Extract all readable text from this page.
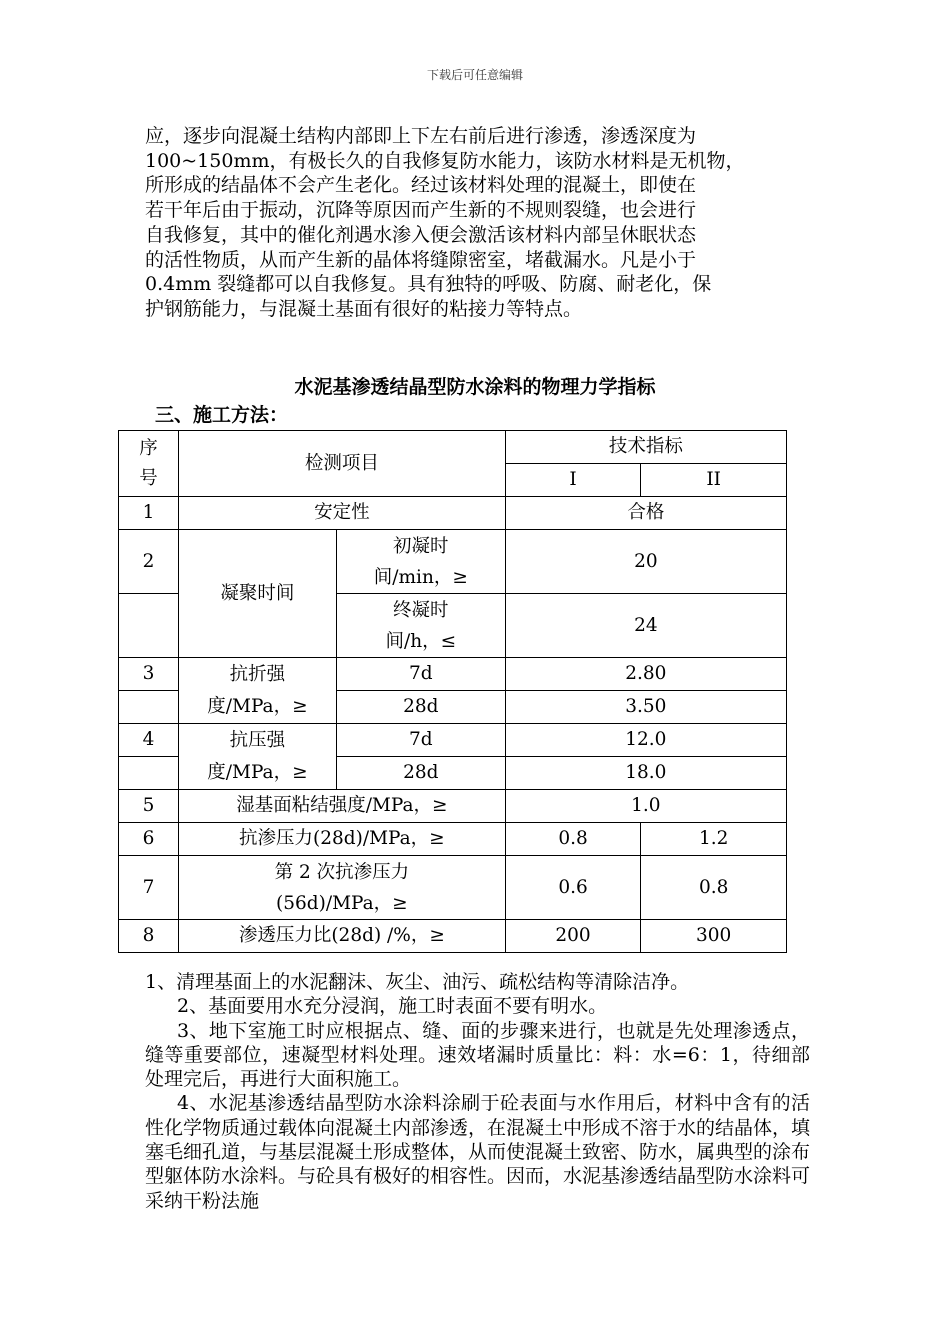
下载后可任意编辑
应，逐步向混凝土结构内部即上下左右前后进行渗透，渗透深度为
100~150mm，有极长久的自我修复防水能力，该防水材料是无机物，
所形成的结晶体不会产生老化。经过该材料处理的混凝土，即使在
若干年后由于振动，沉降等原因而产生新的不规则裂缝，也会进行
自我修复，其中的催化剂遇水渗入便会激活该材料内部呈休眠状态
的活性物质，从而产生新的晶体将缝隙密室，堵截漏水。凡是小于
0.4mm 裂缝都可以自我修复。具有独特的呼吸、防腐、耐老化，保
护钢筋能力，与混凝土基面有很好的粘接力等特点。
水泥基渗透结晶型防水涂料的物理力学指标
三、施工方法：
序号	检测项目		技术指标	
			I	II
1	安定性		合格	
2	凝聚时间	初凝时间/min，≥	20	
		终凝时间/h，≤	24	
3	抗折强度/MPa，≥	7d	2.80	
		28d	3.50	
4	抗压强度/MPa，≥	7d	12.0	
		28d	18.0	
5	湿基面粘结强度/MPa，≥		1.0	
6	抗渗压力(28d)/MPa，≥		0.8	1.2
7	第 2 次抗渗压力(56d)/MPa，≥		0.6	0.8
8	渗透压力比(28d) /%，≥		200	300

1、清理基面上的水泥翻沫、灰尘、油污、疏松结构等清除洁净。

2、基面要用水充分浸润，施工时表面不要有明水。

3、地下室施工时应根据点、缝、面的步骤来进行，也就是先处理渗透点，缝等重要部位，速凝型材料处理。速效堵漏时质量比：料：水=6：1，待细部处理完后，再进行大面积施工。

4、水泥基渗透结晶型防水涂料涂刷于砼表面与水作用后，材料中含有的活性化学物质通过载体向混凝土内部渗透，在混凝土中形成不溶于水的结晶体，填塞毛细孔道，与基层混凝土形成整体，从而使混凝土致密、防水，属典型的涂布型躯体防水涂料。与砼具有极好的相容性。因而，水泥基渗透结晶型防水涂料可采纳干粉法施
